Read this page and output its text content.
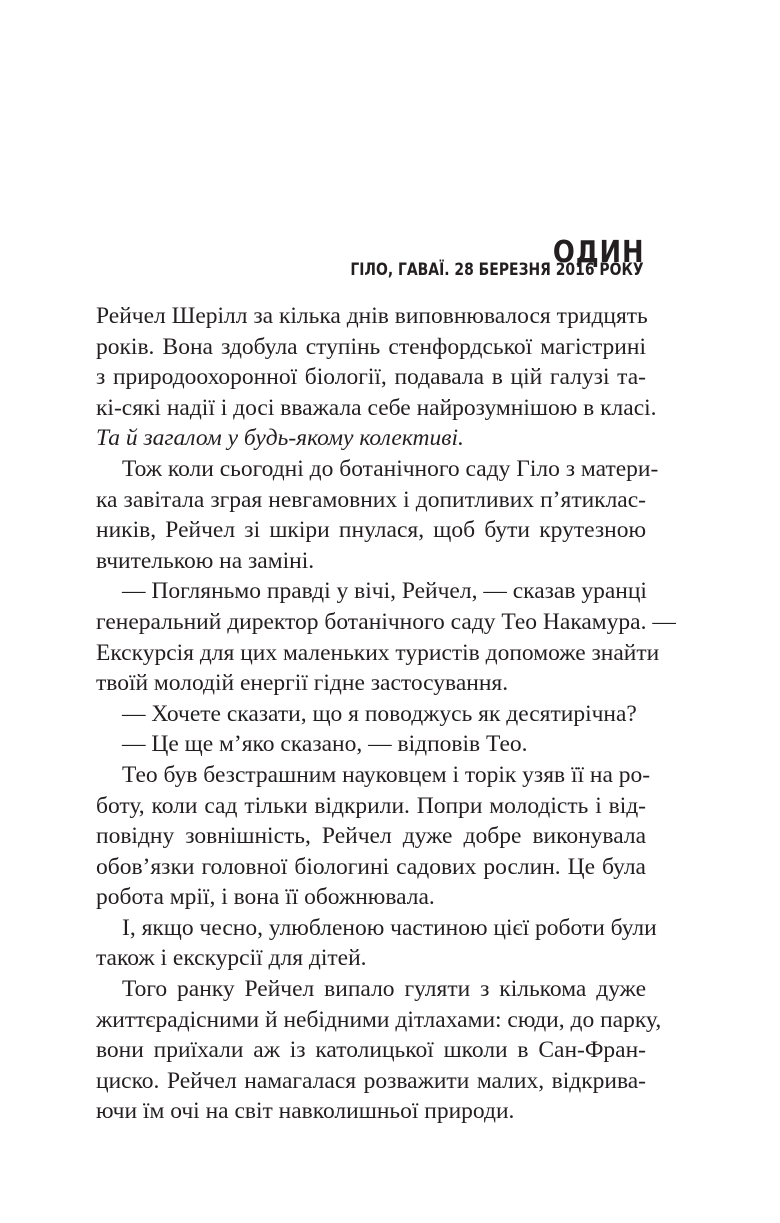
ОДИН
ГІЛО, ГАВАЇ. 28 БЕРЕЗНЯ 2016 РОКУ
Рейчел Шерілл за кілька днів виповнювалося тридцять
років. Вона здобула ступінь стенфордської магістрині
з природоохоронної біології, подавала в цій галузі та-
кі-сякі надії і досі вважала себе найрозумнішою в класі.
Та й загалом у будь-якому колективі.
Тож коли сьогодні до ботанічного саду Гіло з матери-
ка завітала зграя невгамовних і допитливих п’ятиклас-
ників, Рейчел зі шкіри пнулася, щоб бути крутезною
вчителькою на заміні.
— Погляньмо правді у вічі, Рейчел, — сказав уранці
генеральний директор ботанічного саду Тео Накамура. —
Екскурсія для цих маленьких туристів допоможе знайти
твоїй молодій енергії гідне застосування.
— Хочете сказати, що я поводжусь як десятирічна?
— Це ще м’яко сказано, — відповів Тео.
Тео був безстрашним науковцем і торік узяв її на ро-
боту, коли сад тільки відкрили. Попри молодість і від-
повідну зовнішність, Рейчел дуже добре виконувала
обов’язки головної біологині садових рослин. Це була
робота мрії, і вона її обожнювала.
І, якщо чесно, улюбленою частиною цієї роботи були
також і екскурсії для дітей.
Того ранку Рейчел випало гуляти з кількома дуже
життєрадісними й небідними дітлахами: сюди, до парку,
вони приїхали аж із католицької школи в Сан-Фран-
циско. Рейчел намагалася розважити малих, відкрива-
ючи їм очі на світ навколишньої природи.
